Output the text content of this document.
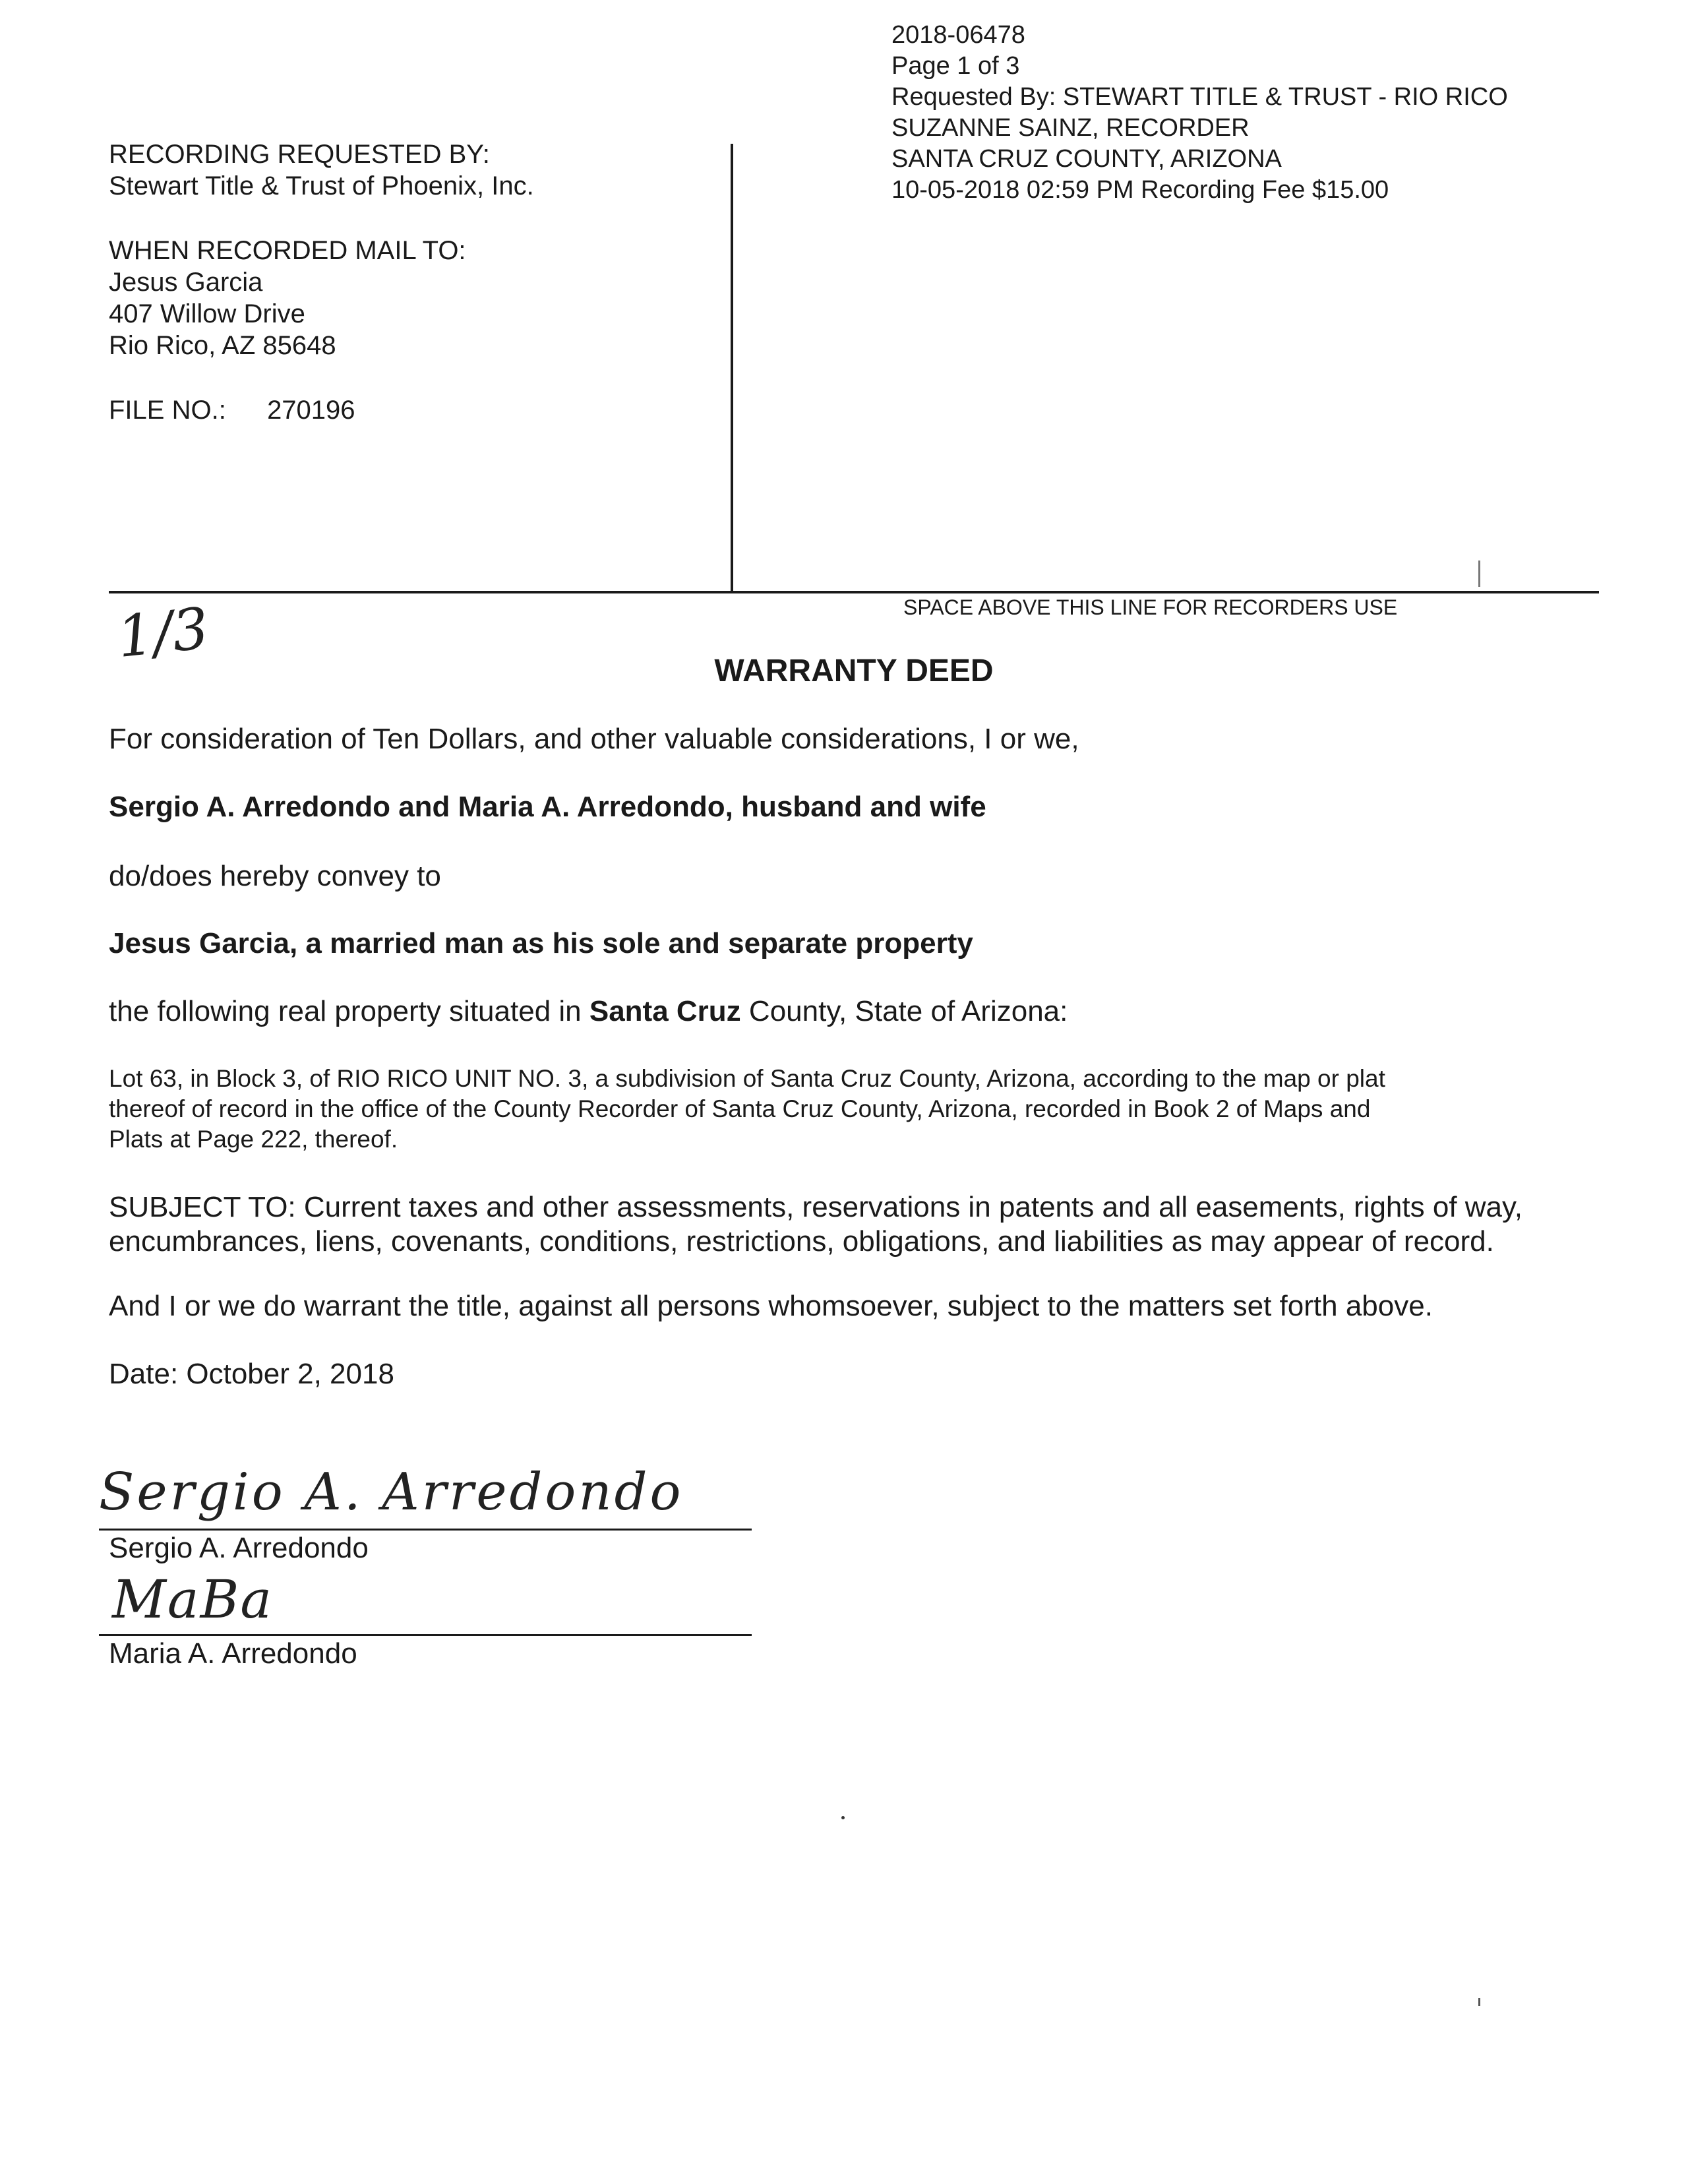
2018-06478
Page 1 of 3
Requested By: STEWART TITLE & TRUST - RIO RICO
SUZANNE SAINZ, RECORDER
SANTA CRUZ COUNTY, ARIZONA
10-05-2018 02:59 PM Recording Fee $15.00
RECORDING REQUESTED BY:
Stewart Title & Trust of Phoenix, Inc.
WHEN RECORDED MAIL TO:
Jesus Garcia
407 Willow Drive
Rio Rico, AZ 85648
FILE NO.: 270196
SPACE ABOVE THIS LINE FOR RECORDERS USE
1/3
WARRANTY DEED
For consideration of Ten Dollars, and other valuable considerations, I or we,
Sergio A. Arredondo and Maria A. Arredondo, husband and wife
do/does hereby convey to
Jesus Garcia, a married man as his sole and separate property
the following real property situated in Santa Cruz County, State of Arizona:
Lot 63, in Block 3, of RIO RICO UNIT NO. 3, a subdivision of Santa Cruz County, Arizona, according to the map or plat
thereof of record in the office of the County Recorder of Santa Cruz County, Arizona, recorded in Book 2 of Maps and
Plats at Page 222, thereof.
SUBJECT TO: Current taxes and other assessments, reservations in patents and all easements, rights of way,
encumbrances, liens, covenants, conditions, restrictions, obligations, and liabilities as may appear of record.
And I or we do warrant the title, against all persons whomsoever, subject to the matters set forth above.
Date: October 2, 2018
Sergio A. Arredondo
Sergio A. Arredondo
MaBa
Maria A. Arredondo
